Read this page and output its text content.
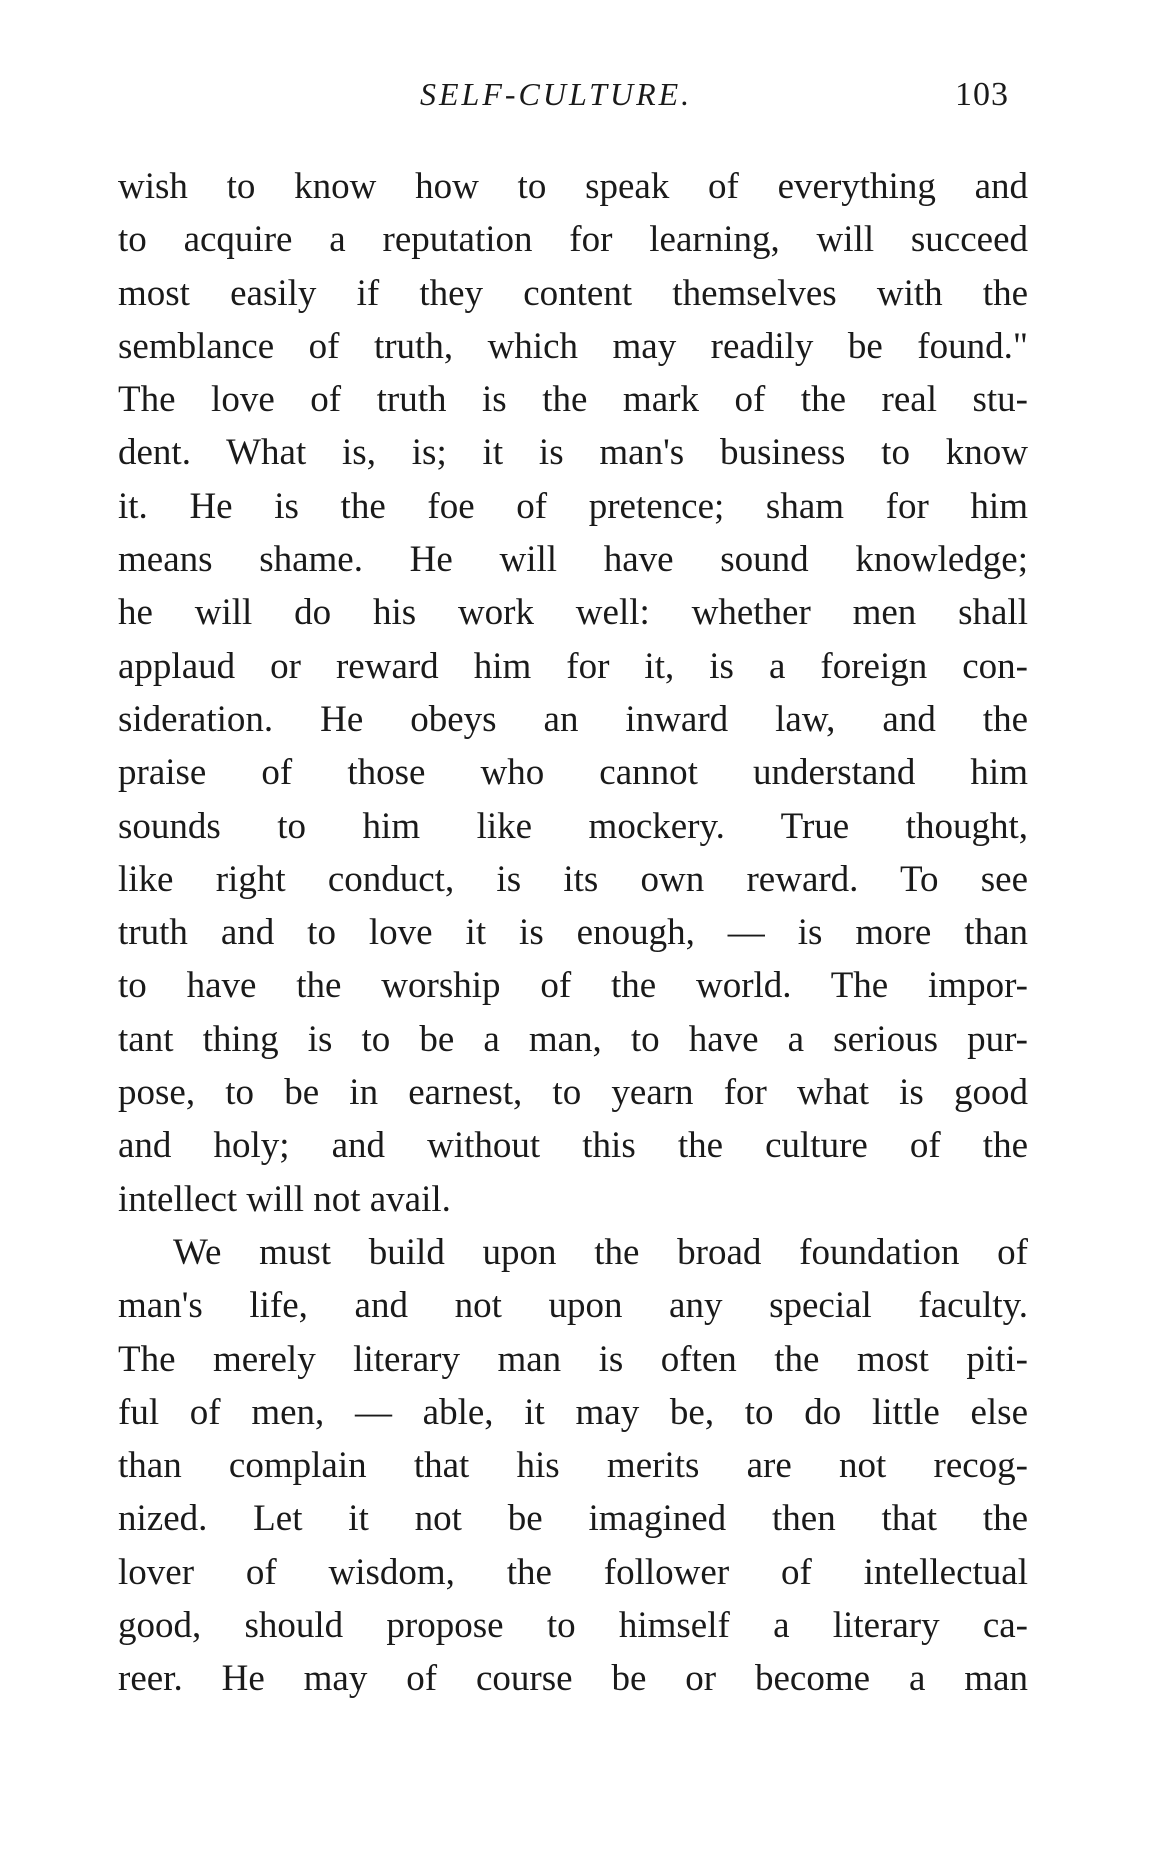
SELF-CULTURE.	103
wish to know how to speak of everything and
to acquire a reputation for learning, will succeed
most easily if they content themselves with the
semblance of truth, which may readily be found."
The love of truth is the mark of the real stu-
dent. What is, is; it is man's business to know
it. He is the foe of pretence; sham for him
means shame. He will have sound knowledge;
he will do his work well: whether men shall
applaud or reward him for it, is a foreign con-
sideration. He obeys an inward law, and the
praise of those who cannot understand him
sounds to him like mockery. True thought,
like right conduct, is its own reward. To see
truth and to love it is enough, — is more than
to have the worship of the world. The impor-
tant thing is to be a man, to have a serious pur-
pose, to be in earnest, to yearn for what is good
and holy; and without this the culture of the
intellect will not avail.
We must build upon the broad foundation of
man's life, and not upon any special faculty.
The merely literary man is often the most piti-
ful of men, — able, it may be, to do little else
than complain that his merits are not recog-
nized. Let it not be imagined then that the
lover of wisdom, the follower of intellectual
good, should propose to himself a literary ca-
reer. He may of course be or become a man
